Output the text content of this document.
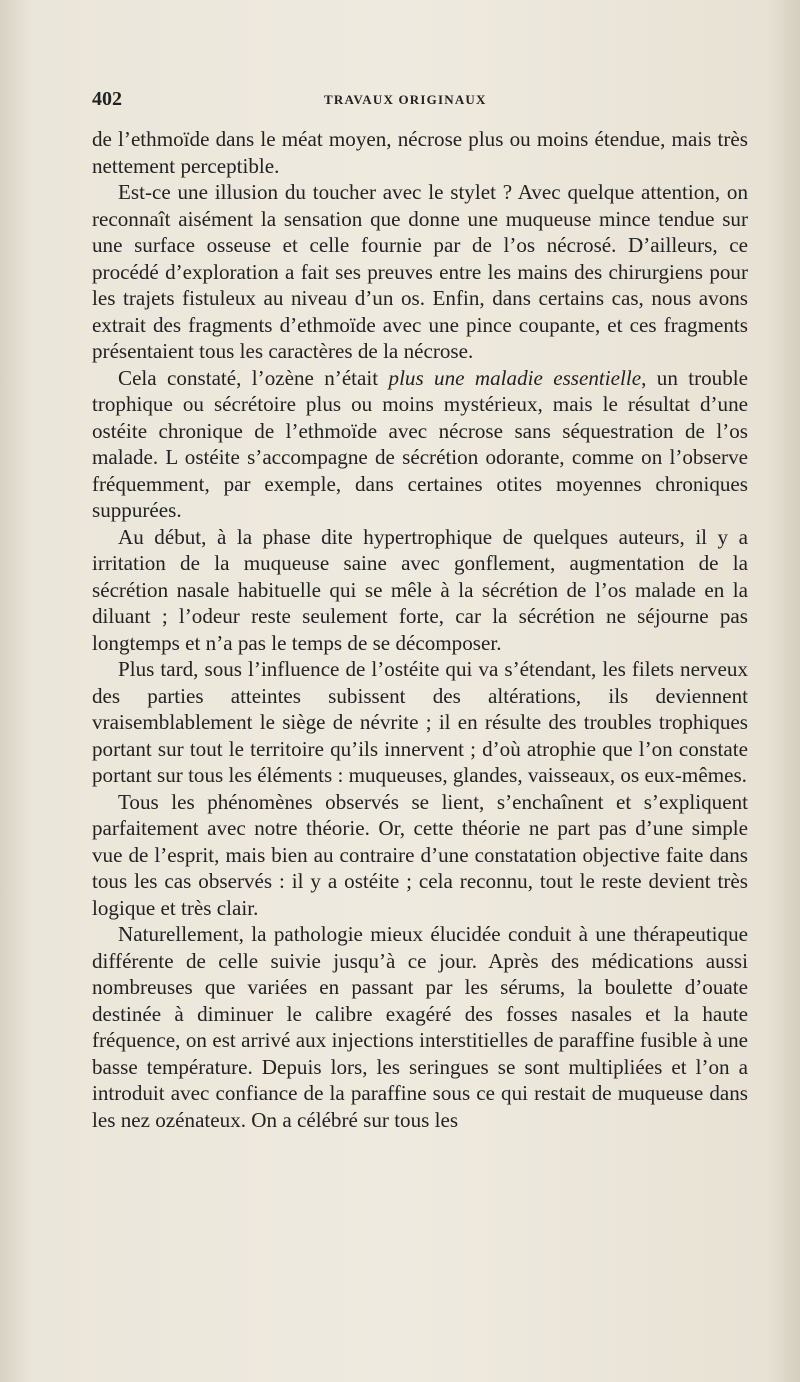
402	TRAVAUX ORIGINAUX

de l’ethmoïde dans le méat moyen, nécrose plus ou moins étendue, mais très nettement perceptible.

Est-ce une illusion du toucher avec le stylet ? Avec quelque attention, on reconnaît aisément la sensation que donne une muqueuse mince tendue sur une surface osseuse et celle fournie par de l’os nécrosé. D’ailleurs, ce procédé d’exploration a fait ses preuves entre les mains des chirurgiens pour les trajets fistuleux au niveau d’un os. Enfin, dans certains cas, nous avons extrait des fragments d’ethmoïde avec une pince coupante, et ces fragments présentaient tous les caractères de la nécrose.

Cela constaté, l’ozène n’était plus une maladie essentielle, un trouble trophique ou sécrétoire plus ou moins mystérieux, mais le résultat d’une ostéite chronique de l’ethmoïde avec nécrose sans séquestration de l’os malade. L ostéite s’accompagne de sécrétion odorante, comme on l’observe fréquemment, par exemple, dans certaines otites moyennes chroniques suppurées.

Au début, à la phase dite hypertrophique de quelques auteurs, il y a irritation de la muqueuse saine avec gonflement, augmentation de la sécrétion nasale habituelle qui se mêle à la sécrétion de l’os malade en la diluant ; l’odeur reste seulement forte, car la sécrétion ne séjourne pas longtemps et n’a pas le temps de se décomposer.

Plus tard, sous l’influence de l’ostéite qui va s’étendant, les filets nerveux des parties atteintes subissent des altérations, ils deviennent vraisemblablement le siège de névrite ; il en résulte des troubles trophiques portant sur tout le territoire qu’ils innervent ; d’où atrophie que l’on constate portant sur tous les éléments : muqueuses, glandes, vaisseaux, os eux-mêmes.

Tous les phénomènes observés se lient, s’enchaînent et s’expliquent parfaitement avec notre théorie. Or, cette théorie ne part pas d’une simple vue de l’esprit, mais bien au contraire d’une constatation objective faite dans tous les cas observés : il y a ostéite ; cela reconnu, tout le reste devient très logique et très clair.

Naturellement, la pathologie mieux élucidée conduit à une thérapeutique différente de celle suivie jusqu’à ce jour. Après des médications aussi nombreuses que variées en passant par les sérums, la boulette d’ouate destinée à diminuer le calibre exagéré des fosses nasales et la haute fréquence, on est arrivé aux injections interstitielles de paraffine fusible à une basse température. Depuis lors, les seringues se sont multipliées et l’on a introduit avec confiance de la paraffine sous ce qui restait de muqueuse dans les nez ozénateux. On a célébré sur tous les
